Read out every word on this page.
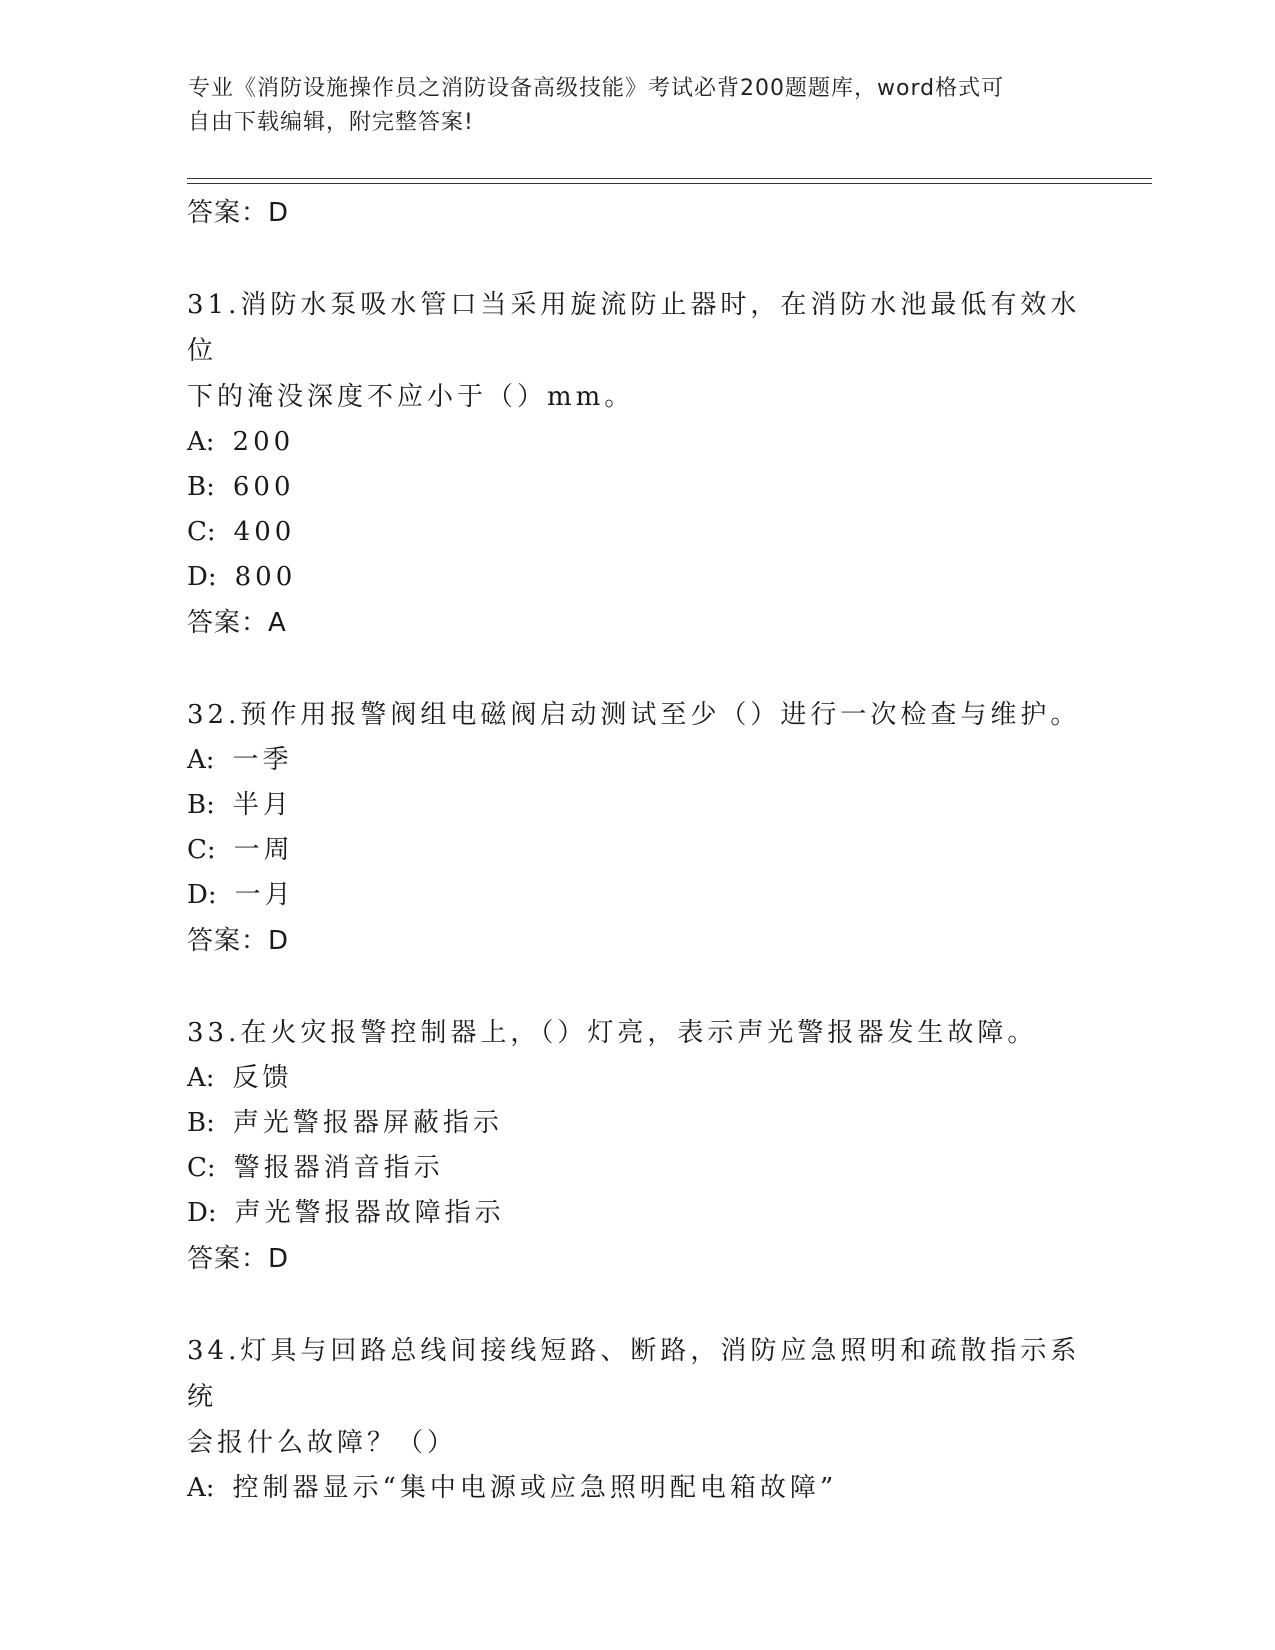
专业《消防设施操作员之消防设备高级技能》考试必背200题题库，word格式可
自由下载编辑，附完整答案!
答案：D
31.消防水泵吸水管口当采用旋流防止器时，在消防水池最低有效水位
下的淹没深度不应小于（）mm。
A: 200
B: 600
C: 400
D: 800
答案：A
32.预作用报警阀组电磁阀启动测试至少（）进行一次检查与维护。
A: 一季
B: 半月
C: 一周
D: 一月
答案：D
33.在火灾报警控制器上，（）灯亮，表示声光警报器发生故障。
A: 反馈
B: 声光警报器屏蔽指示
C: 警报器消音指示
D: 声光警报器故障指示
答案：D
34.灯具与回路总线间接线短路、断路，消防应急照明和疏散指示系统
会报什么故障？（）
A: 控制器显示“集中电源或应急照明配电箱故障”
